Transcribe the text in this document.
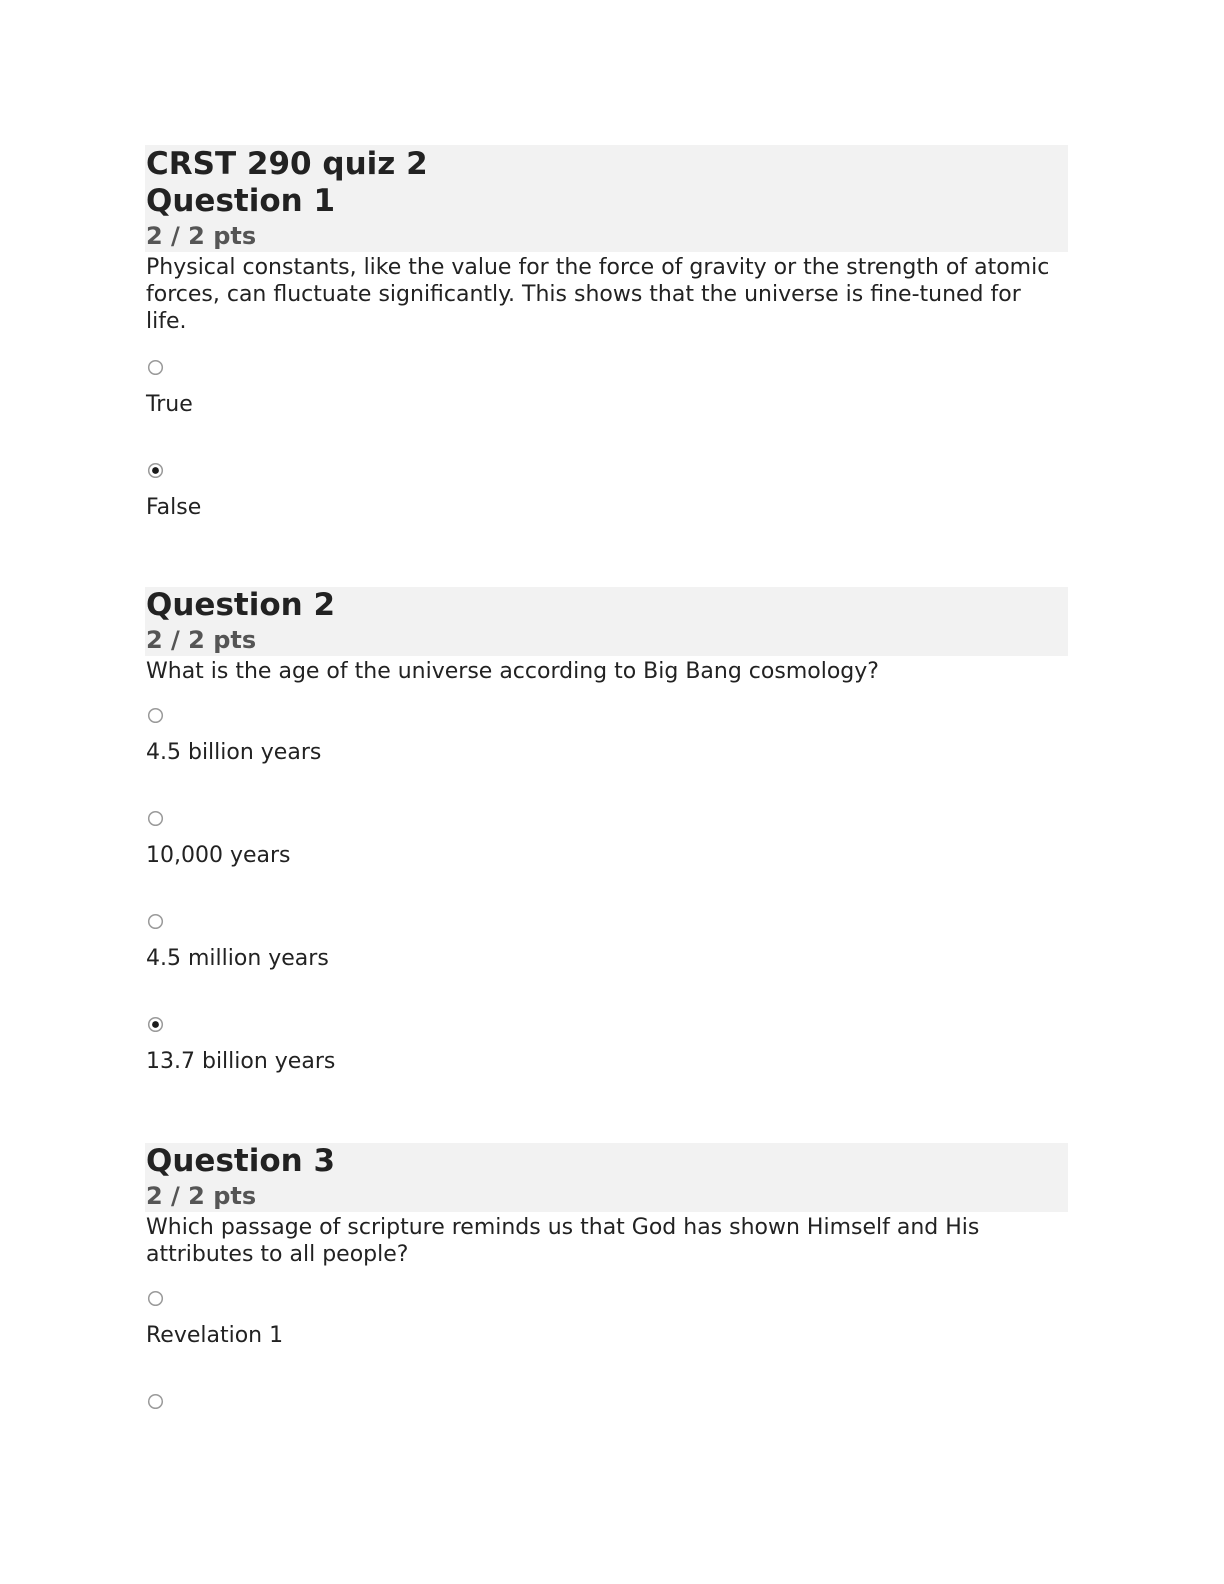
CRST 290 quiz 2
Question 1
2 / 2 pts
Physical constants, like the value for the force of gravity or the strength of atomic forces, can fluctuate significantly. This shows that the universe is fine-tuned for life.
True
False
Question 2
2 / 2 pts
What is the age of the universe according to Big Bang cosmology?
4.5 billion years
10,000 years
4.5 million years
13.7 billion years
Question 3
2 / 2 pts
Which passage of scripture reminds us that God has shown Himself and His attributes to all people?
Revelation 1
